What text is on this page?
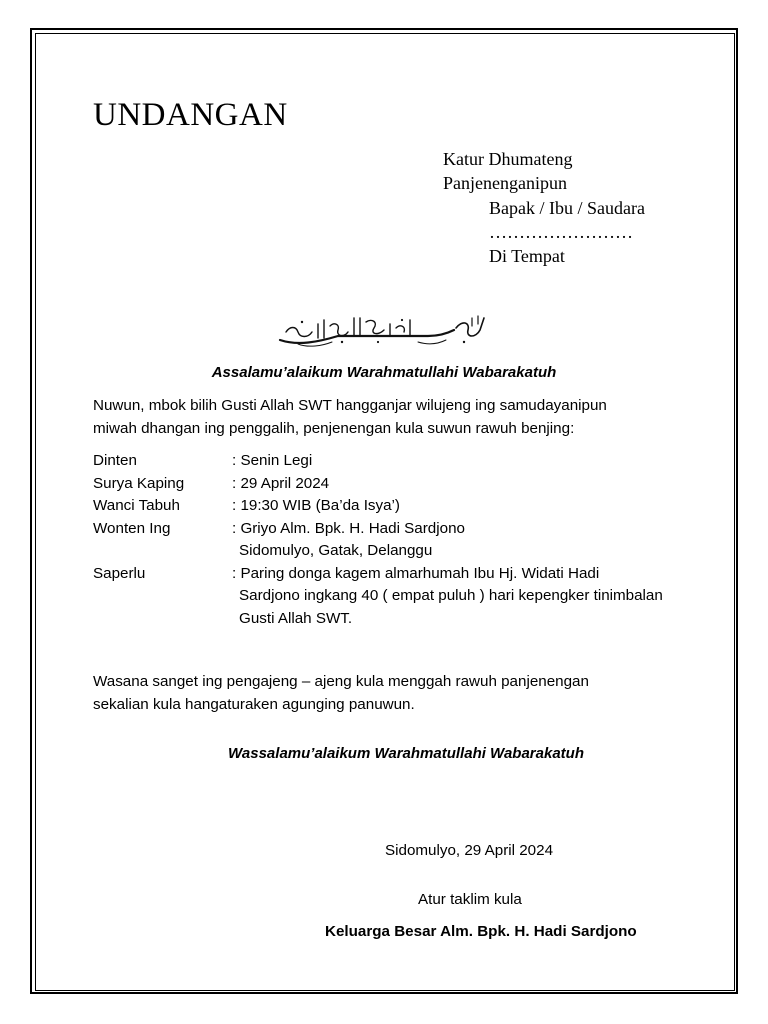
UNDANGAN
Katur Dhumateng
Panjenenganipun
Bapak / Ibu / Saudara
……………………
Di Tempat
Assalamu’alaikum Warahmatullahi Wabarakatuh

Nuwun, mbok bilih Gusti Allah SWT hangganjar wilujeng ing samudayanipun

miwah dhangan ing penggalih, penjenengan kula suwun rawuh benjing:

Dinten	: Senin Legi
Surya Kaping	: 29 April 2024
Wanci Tabuh	: 19:30 WIB (Ba’da Isya’)
Wonten Ing	: Griyo Alm. Bpk. H. Hadi Sardjono
Sidomulyo, Gatak, Delanggu
Saperlu	: Paring donga kagem almarhumah Ibu Hj. Widati Hadi
Sardjono ingkang 40 ( empat puluh ) hari kepengker tinimbalan
Gusti Allah SWT.

Wasana sanget ing pengajeng – ajeng kula menggah rawuh panjenengan

sekalian kula hangaturaken agunging panuwun.

Wassalamu’alaikum Warahmatullahi Wabarakatuh
Sidomulyo, 29 April 2024
Atur taklim kula
Keluarga Besar Alm. Bpk. H. Hadi Sardjono
